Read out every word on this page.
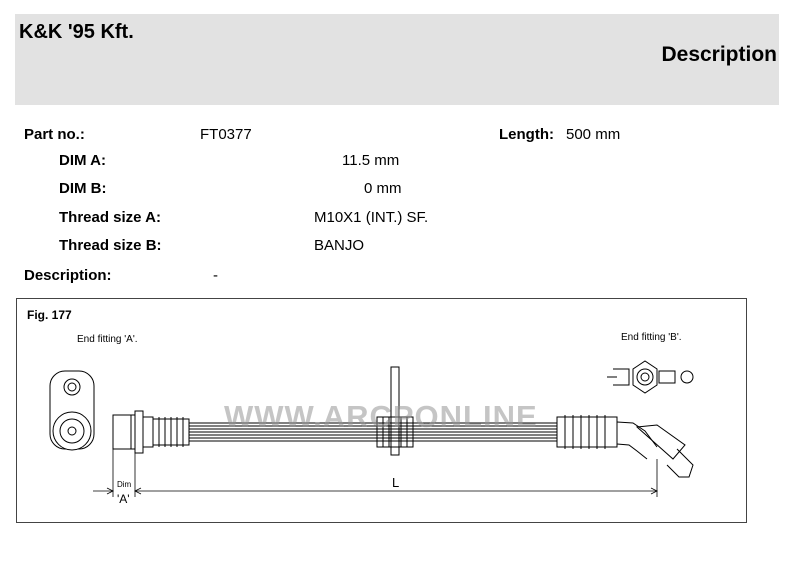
K&K '95 Kft.
Description
Part no.:	FT0377	Length: 500 mm
DIM A:	11.5 mm
DIM B:	0 mm
Thread size A:	M10X1 (INT.) SF.
Thread size B:	BANJO
Description:	-
Fig. 177
End fitting 'A'.	End fitting 'B'.
Dim
'A'
L
WWW.ARCPONLINE
